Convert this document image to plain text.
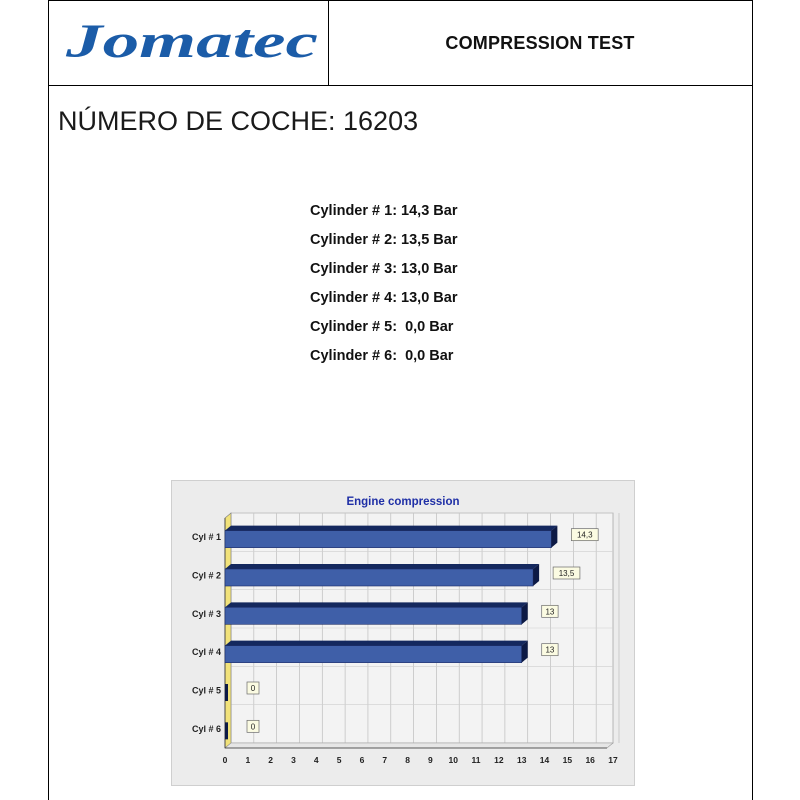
Jomatec	COMPRESSION TEST
NÚMERO DE COCHE: 16203
Cylinder # 1: 14,3 Bar
Cylinder # 2: 13,5 Bar
Cylinder # 3: 13,0 Bar
Cylinder # 4: 13,0 Bar
Cylinder # 5:  0,0 Bar
Cylinder # 6:  0,0 Bar
Engine compression
0 1 2 3 4 5 6 7 8 9 10 11 12 13 14 15 16 17
Cyl # 1	14,3
Cyl # 2	13,5
Cyl # 3	13
Cyl # 4	13
Cyl # 5	0
Cyl # 6	0
